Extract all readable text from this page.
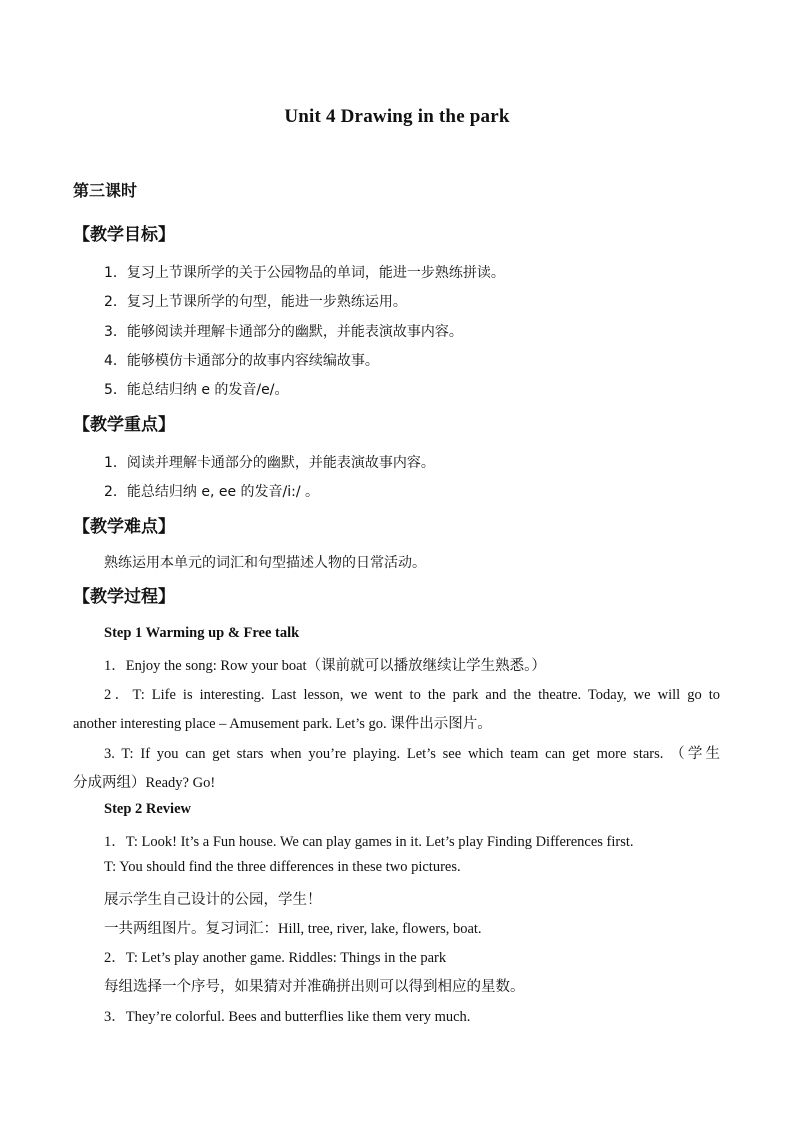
Unit 4 Drawing in the park
第三课时
【教学目标】
1．复习上节课所学的关于公园物品的单词，能进一步熟练拼读。
2．复习上节课所学的句型，能进一步熟练运用。
3．能够阅读并理解卡通部分的幽默，并能表演故事内容。
4．能够模仿卡通部分的故事内容续编故事。
5．能总结归纳 e 的发音/e/。
【教学重点】
1．阅读并理解卡通部分的幽默，并能表演故事内容。
2．能总结归纳 e, ee 的发音/i:/ 。
【教学难点】
熟练运用本单元的词汇和句型描述人物的日常活动。
【教学过程】
Step 1 Warming up & Free talk
1．Enjoy the song: Row your boat（课前就可以播放继续让学生熟悉。）
2．T: Life is interesting. Last lesson, we went to the park and the theatre. Today, we will go to
another interesting place – Amusement park. Let’s go. 课件出示图片。
3. T: If you can get stars when you’re playing. Let’s see which team can get more stars. （学生
分成两组）Ready? Go!
Step 2 Review
1．T: Look! It’s a Fun house. We can play games in it. Let’s play Finding Differences first.
T: You should find the three differences in these two pictures.
展示学生自己设计的公园，学生！
一共两组图片。复习词汇：Hill, tree, river, lake, flowers, boat.
2．T: Let’s play another game. Riddles: Things in the park
每组选择一个序号，如果猜对并准确拼出则可以得到相应的星数。
3．They’re colorful. Bees and butterflies like them very much.
